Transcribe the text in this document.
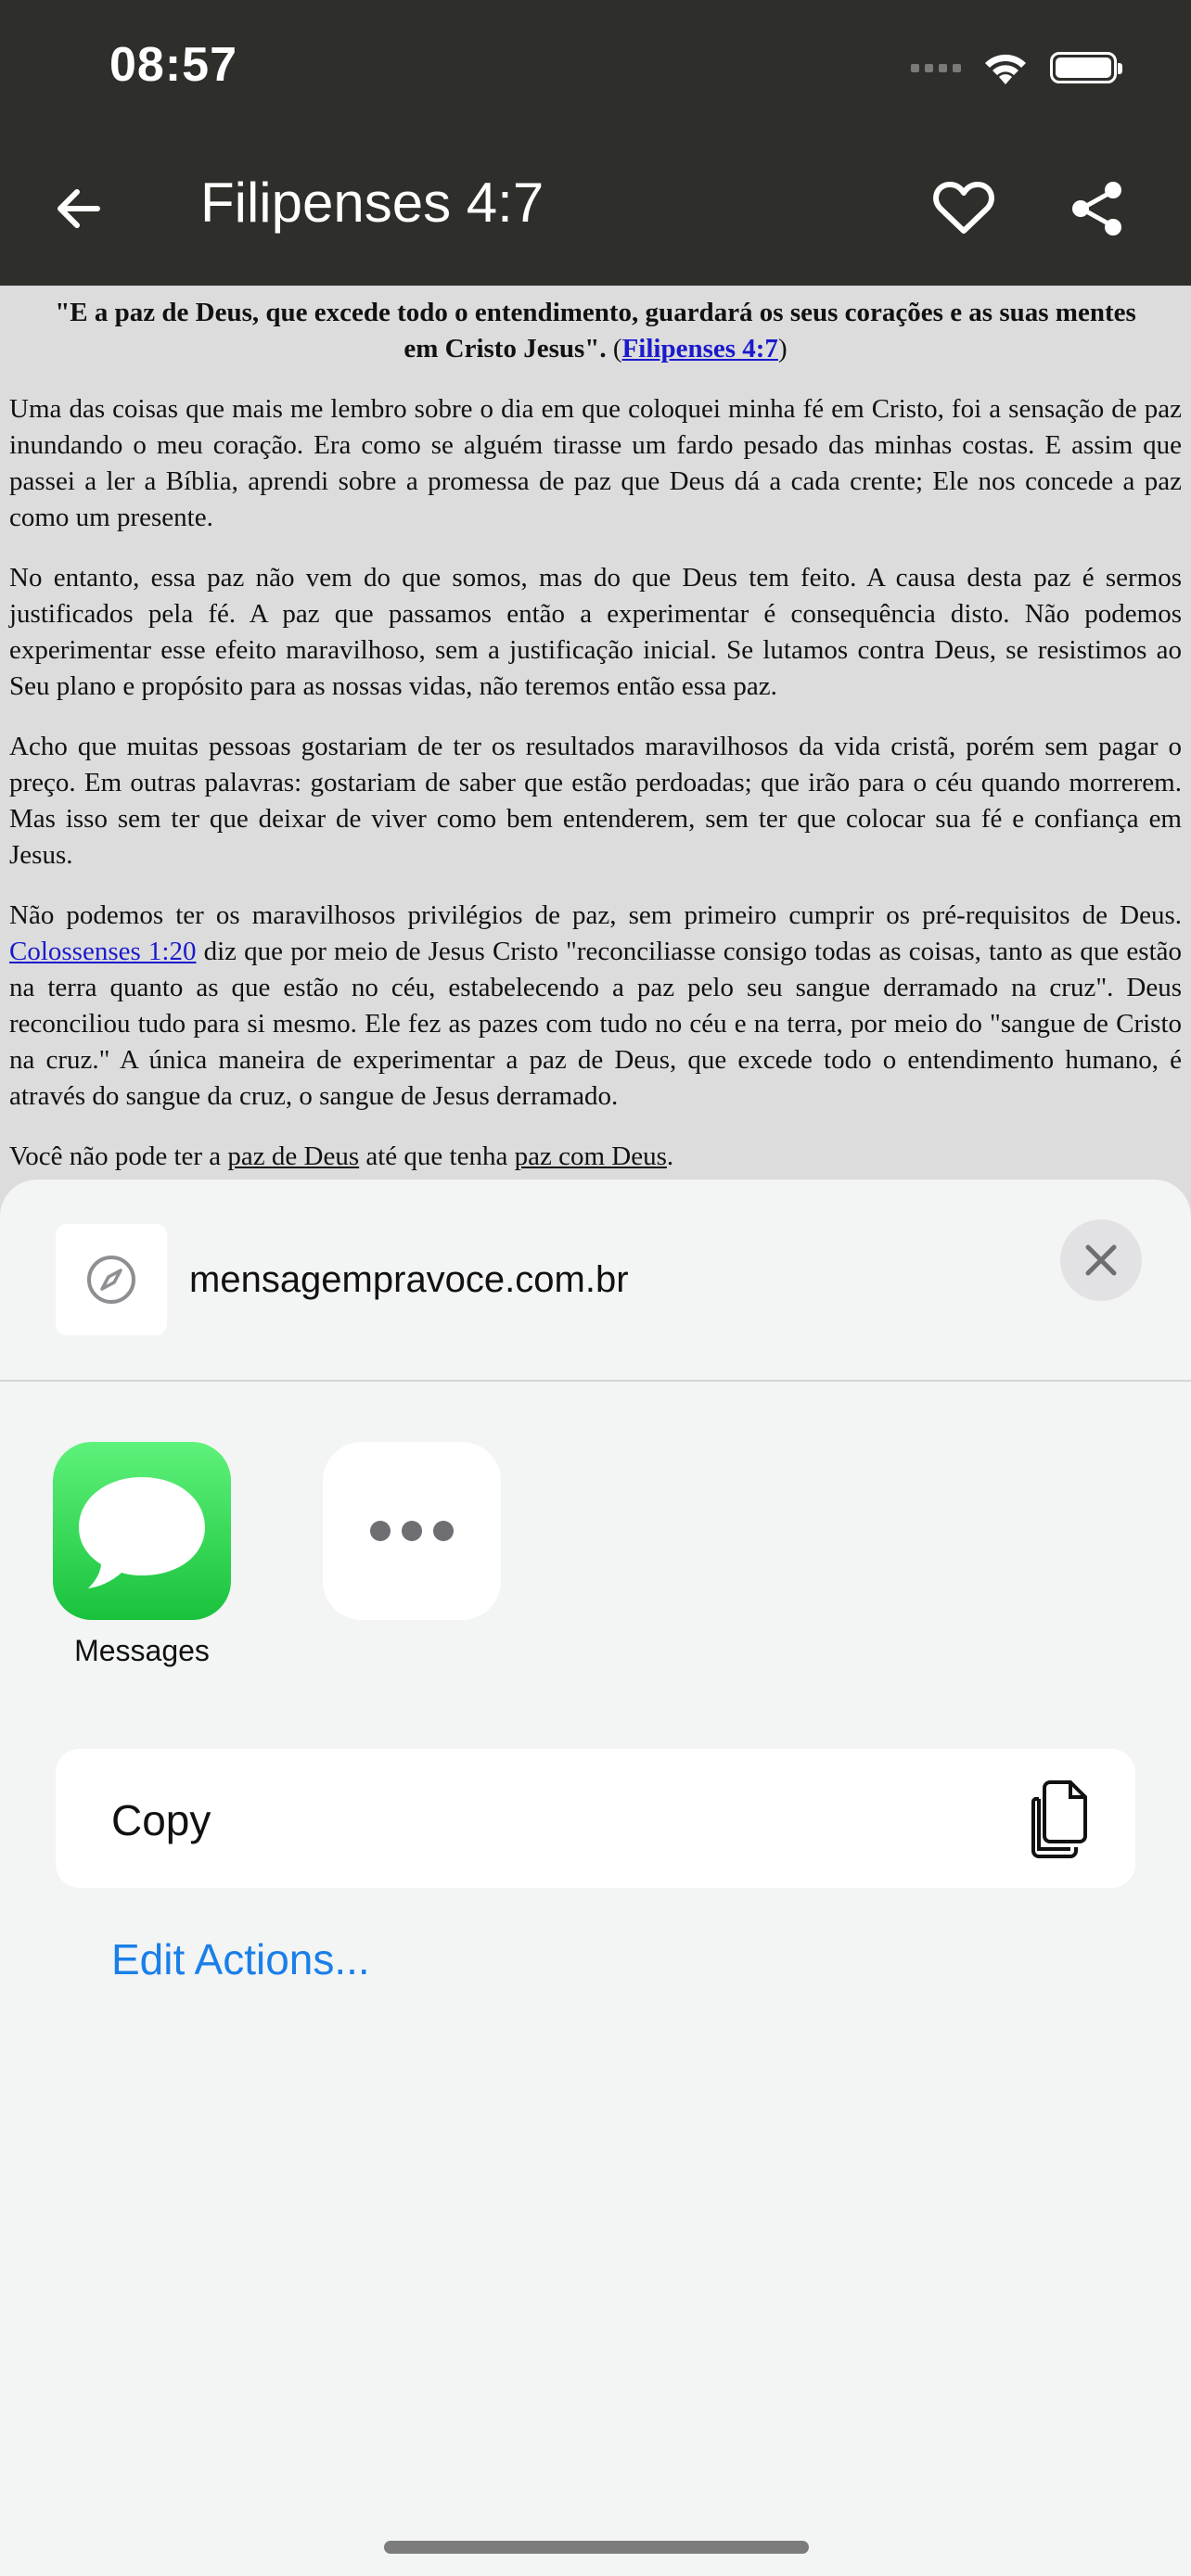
08:57
Filipenses 4:7

"E a paz de Deus, que excede todo o entendimento, guardará os seus corações e as suas mentes em Cristo Jesus". (Filipenses 4:7)

Uma das coisas que mais me lembro sobre o dia em que coloquei minha fé em Cristo, foi a sensação de paz inundando o meu coração. Era como se alguém tirasse um fardo pesado das minhas costas. E assim que passei a ler a Bíblia, aprendi sobre a promessa de paz que Deus dá a cada crente; Ele nos concede a paz como um presente.

No entanto, essa paz não vem do que somos, mas do que Deus tem feito. A causa desta paz é sermos justificados pela fé. A paz que passamos então a experimentar é consequência disto. Não podemos experimentar esse efeito maravilhoso, sem a justificação inicial. Se lutamos contra Deus, se resistimos ao Seu plano e propósito para as nossas vidas, não teremos então essa paz.

Acho que muitas pessoas gostariam de ter os resultados maravilhosos da vida cristã, porém sem pagar o preço. Em outras palavras: gostariam de saber que estão perdoadas; que irão para o céu quando morrerem. Mas isso sem ter que deixar de viver como bem entenderem, sem ter que colocar sua fé e confiança em Jesus.

Não podemos ter os maravilhosos privilégios de paz, sem primeiro cumprir os pré-requisitos de Deus. Colossenses 1:20 diz que por meio de Jesus Cristo "reconciliasse consigo todas as coisas, tanto as que estão na terra quanto as que estão no céu, estabelecendo a paz pelo seu sangue derramado na cruz". Deus reconciliou tudo para si mesmo. Ele fez as pazes com tudo no céu e na terra, por meio do "sangue de Cristo na cruz." A única maneira de experimentar a paz de Deus, que excede todo o entendimento humano, é através do sangue da cruz, o sangue de Jesus derramado.

Você não pode ter a paz de Deus até que tenha paz com Deus.

mensagempravoce.com.br
Messages
Copy
Edit Actions...
